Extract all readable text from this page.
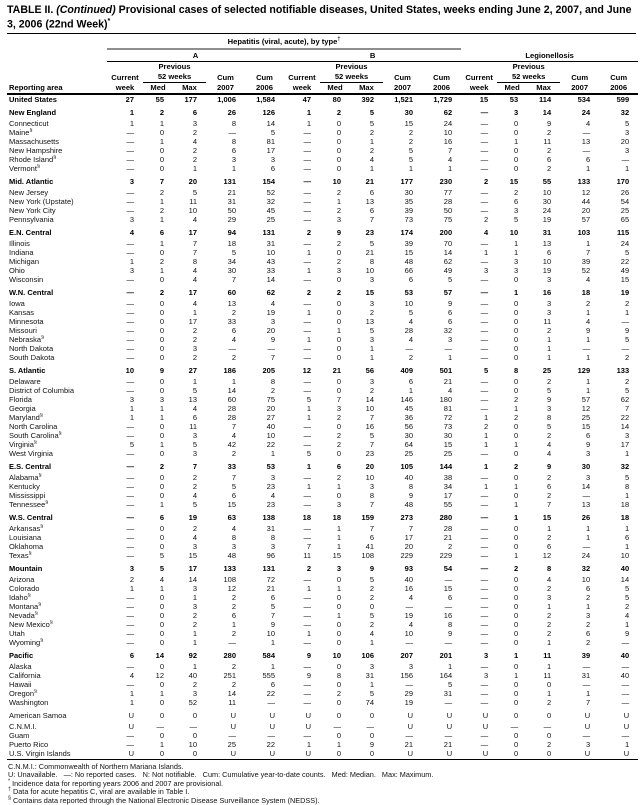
TABLE II. (Continued) Provisional cases of selected notifiable diseases, United States, weeks ending June 2, 2007, and June 3, 2006 (22nd Week)*
	Hepatitis (viral, acute), by type†	
	A					B					Legionellosis				
		Previous					Previous					Previous			
	Current	52 weeks		Cum	Cum	Current	52 weeks		Cum	Cum	Current	52 weeks		Cum	Cum
Reporting area	week	Med	Max	2007	2006	week	Med	Max	2007	2006	week	Med	Max	2007	2006
United States	27	55	177	1,006	1,584	47	80	392	1,521	1,729	15	53	114	534	599
New England	1	2	6	26	126	1	2	5	30	62	—	3	14	24	32
Connecticut	1	1	3	8	14	1	0	5	15	24	—	0	9	4	5
Maine§	—	0	2	—	5	—	0	2	2	10	—	0	2	—	3
Massachusetts	—	1	4	8	81	—	0	1	2	16	—	1	11	13	20
New Hampshire	—	0	2	6	17	—	0	2	5	7	—	0	2	—	3
Rhode Island§	—	0	2	3	3	—	0	4	5	4	—	0	6	6	—
Vermont§	—	0	1	1	6	—	0	1	1	1	—	0	2	1	1
Mid. Atlantic	3	7	20	131	154	—	10	21	177	230	2	15	55	133	170
New Jersey	—	2	5	21	52	—	2	6	30	77	—	2	10	12	26
New York (Upstate)	—	1	11	31	32	—	1	13	35	28	—	6	30	44	54
New York City	—	2	10	50	45	—	2	6	39	50	—	3	24	20	25
Pennsylvania	3	1	4	29	25	—	3	7	73	75	2	5	19	57	65
E.N. Central	4	6	17	94	131	2	9	23	174	200	4	10	31	103	115
Illinois	—	1	7	18	31	—	2	5	39	70	—	1	13	1	24
Indiana	—	0	7	5	10	1	0	21	15	14	1	1	6	7	5
Michigan	1	2	8	34	43	—	2	8	48	62	—	3	10	39	22
Ohio	3	1	4	30	33	1	3	10	66	49	3	3	19	52	49
Wisconsin	—	0	4	7	14	—	0	3	6	5	—	0	3	4	15
W.N. Central	—	2	17	60	62	2	2	15	53	57	—	1	16	18	19
Iowa	—	0	4	13	4	—	0	3	10	9	—	0	3	2	2
Kansas	—	0	1	2	19	1	0	2	5	6	—	0	3	1	1
Minnesota	—	0	17	33	3	—	0	13	4	6	—	0	11	4	—
Missouri	—	0	2	6	20	—	1	5	28	32	—	0	2	9	9
Nebraska§	—	0	2	4	9	1	0	3	4	3	—	0	1	1	5
North Dakota	—	0	3	—	—	—	0	1	—	—	—	0	1	—	—
South Dakota	—	0	2	2	7	—	0	1	2	1	—	0	1	1	2
S. Atlantic	10	9	27	186	205	12	21	56	409	501	5	8	25	129	133
Delaware	—	0	1	1	8	—	0	3	6	21	—	0	2	1	2
District of Columbia	—	0	5	14	2	—	0	2	1	4	—	0	5	1	5
Florida	3	3	13	60	75	5	7	14	146	180	—	2	9	57	62
Georgia	1	1	4	28	20	1	3	10	45	81	—	1	3	12	7
Maryland§	1	1	6	28	27	1	2	7	36	72	1	2	8	25	22
North Carolina	—	0	11	7	40	—	0	16	56	73	2	0	5	15	14
South Carolina§	—	0	3	4	10	—	2	5	30	30	1	0	2	6	3
Virginia§	5	1	5	42	22	—	2	7	64	15	1	1	4	9	17
West Virginia	—	0	3	2	1	5	0	23	25	25	—	0	4	3	1
E.S. Central	—	2	7	33	53	1	6	20	105	144	1	2	9	30	32
Alabama§	—	0	2	7	3	—	2	10	40	38	—	0	2	3	5
Kentucky	—	0	2	5	23	1	1	3	8	34	1	1	6	14	8
Mississippi	—	0	4	6	4	—	0	8	9	17	—	0	2	—	1
Tennessee§	—	1	5	15	23	—	3	7	48	55	—	1	7	13	18
W.S. Central	—	6	19	63	138	18	18	159	273	280	—	1	15	26	18
Arkansas§	—	0	2	4	31	—	1	7	7	28	—	0	1	1	1
Louisiana	—	0	4	8	8	—	1	6	17	21	—	0	2	1	6
Oklahoma	—	0	3	3	3	7	1	41	20	2	—	0	6	—	1
Texas§	—	5	15	48	96	11	15	108	229	229	—	1	12	24	10
Mountain	3	5	17	133	131	2	3	9	93	54	—	2	8	32	40
Arizona	2	4	14	108	72	—	0	5	40	—	—	0	4	10	14
Colorado	1	1	3	12	21	1	1	2	16	15	—	0	2	6	5
Idaho§	—	0	1	2	6	—	0	2	4	6	—	0	3	2	5
Montana§	—	0	3	2	5	—	0	0	—	—	—	0	1	1	2
Nevada§	—	0	2	6	7	—	1	5	19	16	—	0	2	3	4
New Mexico§	—	0	2	1	9	—	0	2	4	8	—	0	2	2	1
Utah	—	0	1	2	10	1	0	4	10	9	—	0	2	6	9
Wyoming§	—	0	1	—	1	—	0	1	—	—	—	0	1	2	—
Pacific	6	14	92	280	584	9	10	106	207	201	3	1	11	39	40
Alaska	—	0	1	2	1	—	0	3	3	1	—	0	1	—	—
California	4	12	40	251	555	9	8	31	156	164	3	1	11	31	40
Hawaii	—	0	2	2	6	—	0	1	—	5	—	0	0	—	—
Oregon§	1	1	3	14	22	—	2	5	29	31	—	0	1	1	—
Washington	1	0	52	11	—	—	0	74	19	—	—	0	2	7	—
American Samoa	U	0	0	U	U	U	0	0	U	U	U	0	0	U	U
C.N.M.I.	U	—	—	U	U	U	—	—	U	U	U	—	—	U	U
Guam	—	0	0	—	—	—	0	0	—	—	—	0	0	—	—
Puerto Rico	—	1	10	25	22	1	1	9	21	21	—	0	2	3	1
U.S. Virgin Islands	U	0	0	U	U	U	0	0	U	U	U	0	0	U	U
C.N.M.I.: Commonwealth of Northern Mariana Islands.
U: Unavailable.   —: No reported cases.   N: Not notifiable.   Cum: Cumulative year-to-date counts.   Med: Median.   Max: Maximum.
* Incidence data for reporting years 2006 and 2007 are provisional.
† Data for acute hepatitis C, viral are available in Table I.
§ Contains data reported through the National Electronic Disease Surveillance System (NEDSS).
